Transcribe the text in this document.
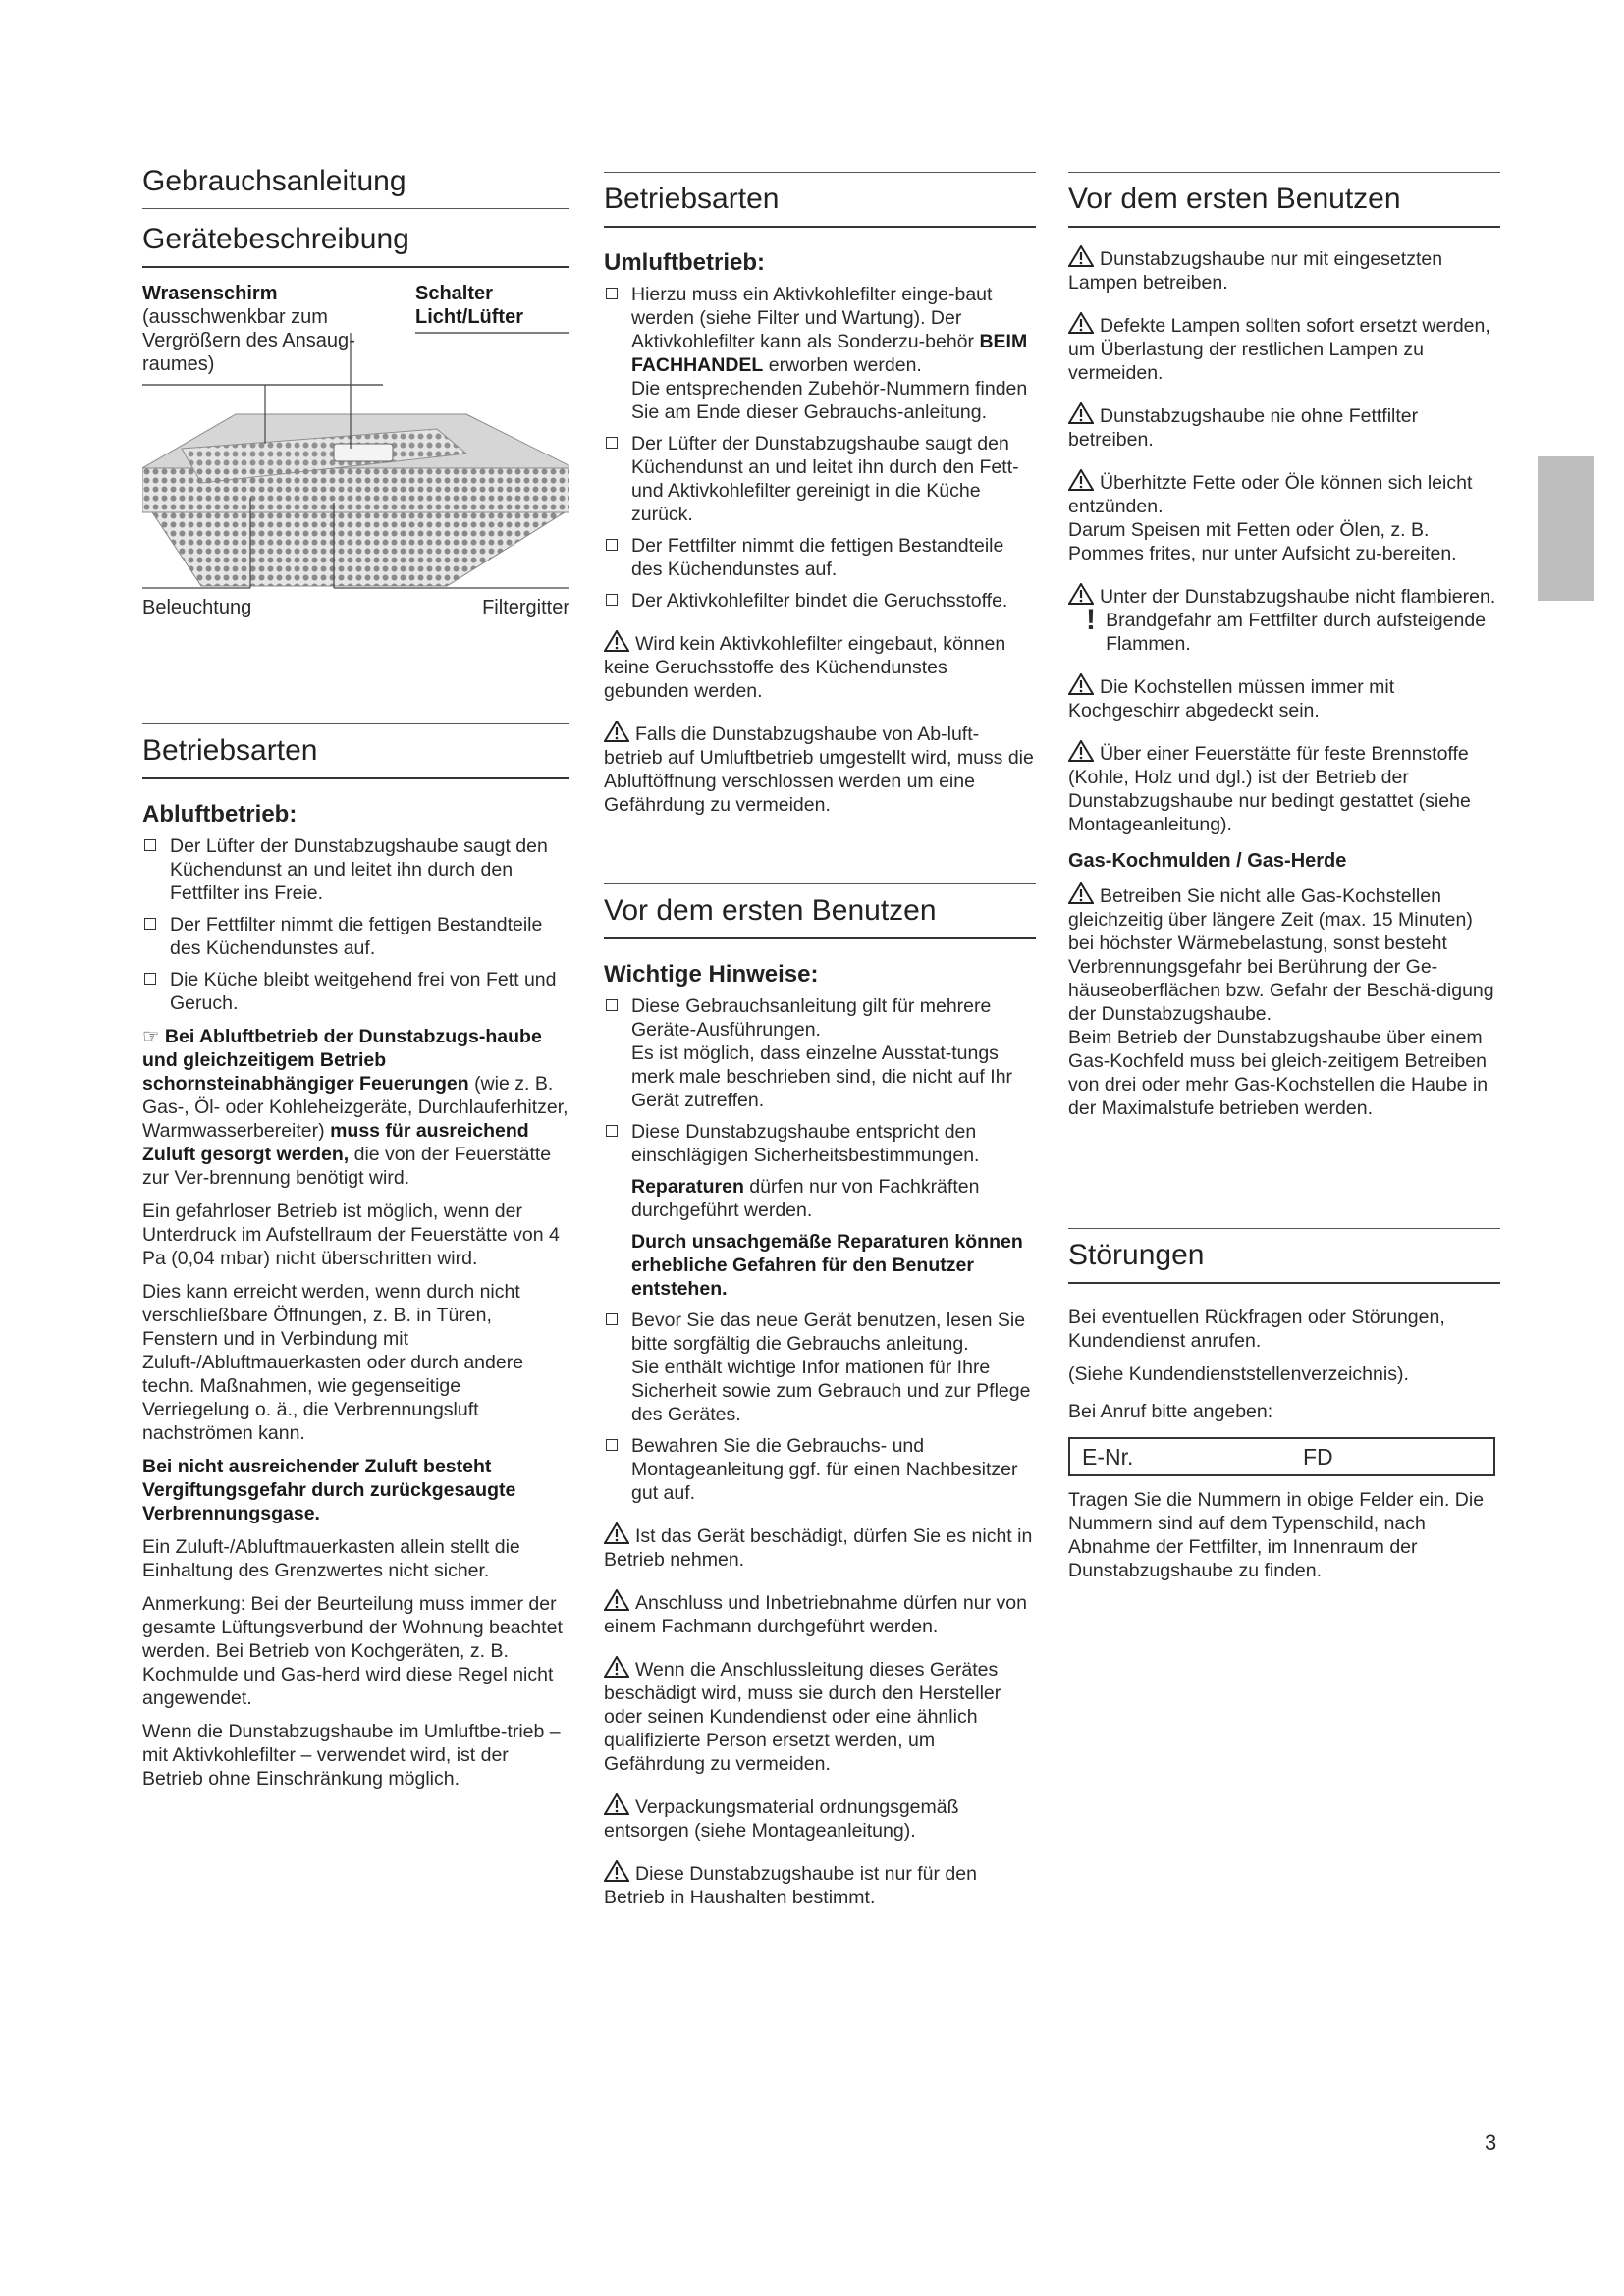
Gebrauchsanleitung
Gerätebeschreibung
Wrasenschirm
(ausschwenkbar zum Vergrößern des Ansaug-raumes)
Schalter Licht/Lüfter
Beleuchtung	Filtergitter
Betriebsarten
Abluftbetrieb:
Der Lüfter der Dunstabzugshaube saugt den Küchendunst an und leitet ihn durch den Fettfilter ins Freie.
Der Fettfilter nimmt die fettigen Bestandteile des Küchendunstes auf.
Die Küche bleibt weitgehend frei von Fett und Geruch.

☞ Bei Abluftbetrieb der Dunstabzugs-haube und gleichzeitigem Betrieb schornsteinabhängiger Feuerungen (wie z. B. Gas-, Öl- oder Kohleheizgeräte, Durchlauferhitzer, Warmwasserbereiter) muss für ausreichend Zuluft gesorgt werden, die von der Feuerstätte zur Ver-brennung benötigt wird.

Ein gefahrloser Betrieb ist möglich, wenn der Unterdruck im Aufstellraum der Feuerstätte von 4 Pa (0,04 mbar) nicht überschritten wird.

Dies kann erreicht werden, wenn durch nicht verschließbare Öffnungen, z. B. in Türen, Fenstern und in Verbindung mit Zuluft-/Abluftmauerkasten oder durch andere techn. Maßnahmen, wie gegenseitige Verriegelung o. ä., die Verbrennungsluft nachströmen kann.

Bei nicht ausreichender Zuluft besteht Vergiftungsgefahr durch zurückgesaugte Verbrennungsgase.

Ein Zuluft-/Abluftmauerkasten allein stellt die Einhaltung des Grenzwertes nicht sicher.

Anmerkung: Bei der Beurteilung muss immer der gesamte Lüftungsverbund der Wohnung beachtet werden. Bei Betrieb von Kochgeräten, z. B. Kochmulde und Gas-herd wird diese Regel nicht angewendet.

Wenn die Dunstabzugshaube im Umluftbe-trieb – mit Aktivkohlefilter – verwendet wird, ist der Betrieb ohne Einschränkung möglich.

Betriebsarten
Umluftbetrieb:
Hierzu muss ein Aktivkohlefilter einge-baut werden (siehe Filter und Wartung). Der Aktivkohlefilter kann als Sonderzu-behör BEIM FACHHANDEL erworben werden.
Die entsprechenden Zubehör-Nummern finden Sie am Ende dieser Gebrauchs-anleitung.
Der Lüfter der Dunstabzugshaube saugt den Küchendunst an und leitet ihn durch den Fett- und Aktivkohlefilter gereinigt in die Küche zurück.
Der Fettfilter nimmt die fettigen Bestandteile des Küchendunstes auf.
Der Aktivkohlefilter bindet die Geruchsstoffe.

Wird kein Aktivkohlefilter eingebaut, können keine Geruchsstoffe des Küchendunstes gebunden werden.

Falls die Dunstabzugshaube von Ab-luft-betrieb auf Umluftbetrieb umgestellt wird, muss die Abluftöffnung verschlossen werden um eine Gefährdung zu vermeiden.

Vor dem ersten Benutzen
Wichtige Hinweise:
Diese Gebrauchsanleitung gilt für mehrere Geräte-Ausführungen.
Es ist möglich, dass einzelne Ausstat-tungs merk male beschrieben sind, die nicht auf Ihr Gerät zutreffen.
Diese Dunstabzugshaube entspricht den einschlägigen Sicherheitsbestimmungen.
Reparaturen dürfen nur von Fachkräften durchgeführt werden.
Durch unsachgemäße Reparaturen können erhebliche Gefahren für den Benutzer entstehen.
Bevor Sie das neue Gerät benutzen, lesen Sie bitte sorgfältig die Gebrauchs anleitung.
Sie enthält wichtige Infor mationen für Ihre Sicherheit sowie zum Gebrauch und zur Pflege des Gerätes.
Bewahren Sie die Gebrauchs- und Montageanleitung ggf. für einen Nachbesitzer gut auf.

Ist das Gerät beschädigt, dürfen Sie es nicht in Betrieb nehmen.

Anschluss und Inbetriebnahme dürfen nur von einem Fachmann durchgeführt werden.

Wenn die Anschlussleitung dieses Gerätes beschädigt wird, muss sie durch den Hersteller oder seinen Kundendienst oder eine ähnlich qualifizierte Person ersetzt werden, um Gefährdung zu vermeiden.

Verpackungsmaterial ordnungsgemäß entsorgen (siehe Montageanleitung).

Diese Dunstabzugshaube ist nur für den Betrieb in Haushalten bestimmt.

Vor dem ersten Benutzen

Dunstabzugshaube nur mit eingesetzten Lampen betreiben.

Defekte Lampen sollten sofort ersetzt werden, um Überlastung der restlichen Lampen zu vermeiden.

Dunstabzugshaube nie ohne Fettfilter betreiben.

Überhitzte Fette oder Öle können sich leicht entzünden.
Darum Speisen mit Fetten oder Ölen, z. B. Pommes frites, nur unter Aufsicht zu-bereiten.

Unter der Dunstabzugshaube nicht flambieren.

! Brandgefahr am Fettfilter durch aufsteigende Flammen.

Die Kochstellen müssen immer mit Kochgeschirr abgedeckt sein.

Über einer Feuerstätte für feste Brennstoffe (Kohle, Holz und dgl.) ist der Betrieb der Dunstabzugshaube nur bedingt gestattet (siehe Montageanleitung).

Gas-Kochmulden / Gas-Herde

Betreiben Sie nicht alle Gas-Kochstellen gleichzeitig über längere Zeit (max. 15 Minuten) bei höchster Wärmebelastung, sonst besteht Verbrennungsgefahr bei Berührung der Ge-häuseoberflächen bzw. Gefahr der Beschä-digung der Dunstabzugshaube.
Beim Betrieb der Dunstabzugshaube über einem Gas-Kochfeld muss bei gleich-zeitigem Betreiben von drei oder mehr Gas-Kochstellen die Haube in der Maximalstufe betrieben werden.

Störungen

Bei eventuellen Rückfragen oder Störungen, Kundendienst anrufen.

(Siehe Kundendienststellenverzeichnis).

Bei Anruf bitte angeben:

E-Nr.	FD

Tragen Sie die Nummern in obige Felder ein. Die Nummern sind auf dem Typenschild, nach Abnahme der Fettfilter, im Innenraum der Dunstabzugshaube zu finden.

3
